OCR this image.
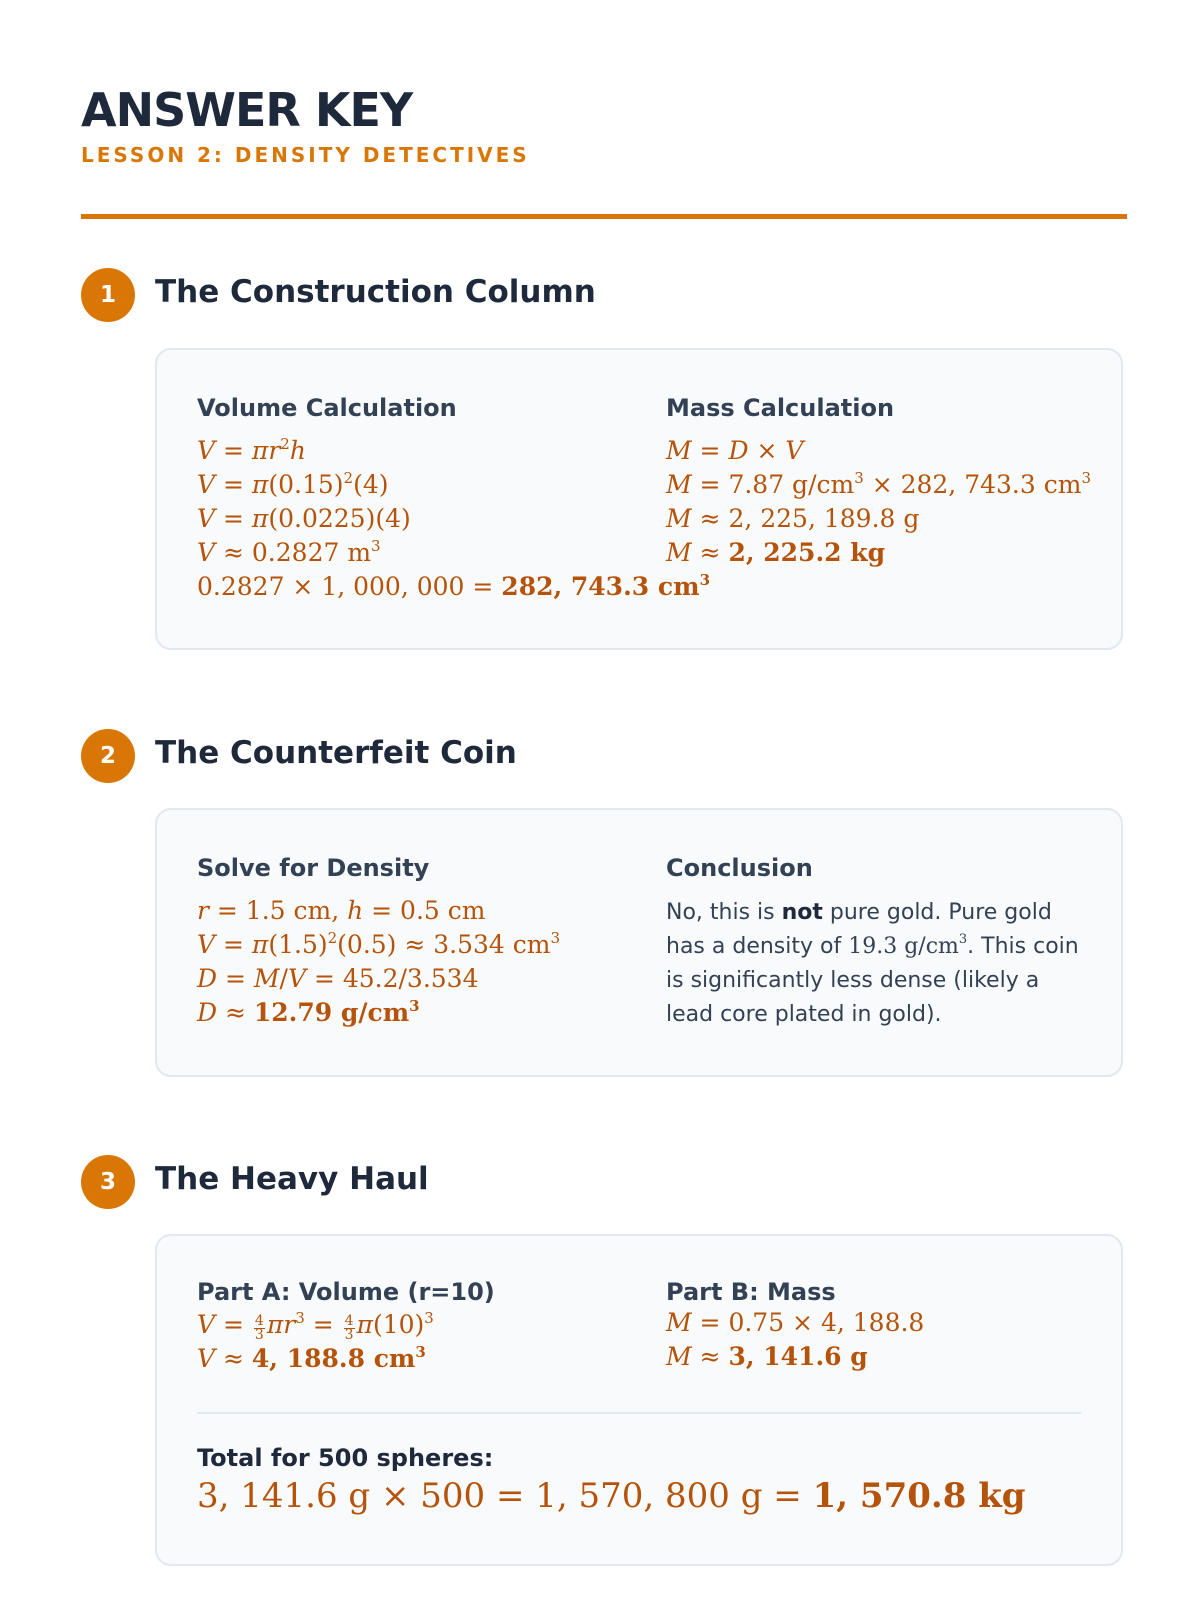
ANSWER KEY
LESSON 2: DENSITY DETECTIVES
1	The Construction Column
Volume Calculation
$V = \pi r^2h$
$V = \pi(0.15)^2(4)$
V = π(0.0225)(4)
V ≈ 0.2827 $m^3$
0.2827 × 1, 000, 000 = 282, 743.3 $cm^3$
Mass Calculation
M = D × V
M = 7.87 $g/cm^3 \times 282$, 743.3 $cm^3$
M ≈ 2, 225, 189.8 g
M ≈ 2, 225.2 kg
2	The Counterfeit Coin
Solve for Density
r = 1.5 cm, h = 0.5 cm
$V = \pi(1.5)^2(0.5) \approx 3.534$ $cm^3$
D = M/V = 45.2/3.534
D ≈ 12.79 $g/cm^3$
Conclusion
No, this is not pure gold. Pure gold has a density of 19.3 $g/cm^3$. This coin is significantly less dense (likely a lead core plated in gold).
3	The Heavy Haul
Part A: Volume (r=10)
$V = \frac{4}{3} \pi r^3 = \frac{4}{3} \pi(10)^3$
V ≈ 4, 188.8 $cm^3$
Part B: Mass
M = 0.75 × 4, 188.8
M ≈ 3, 141.6 g
Total for 500 spheres:
3, 141.6 g × 500 = 1, 570, 800 g = 1, 570.8 kg
